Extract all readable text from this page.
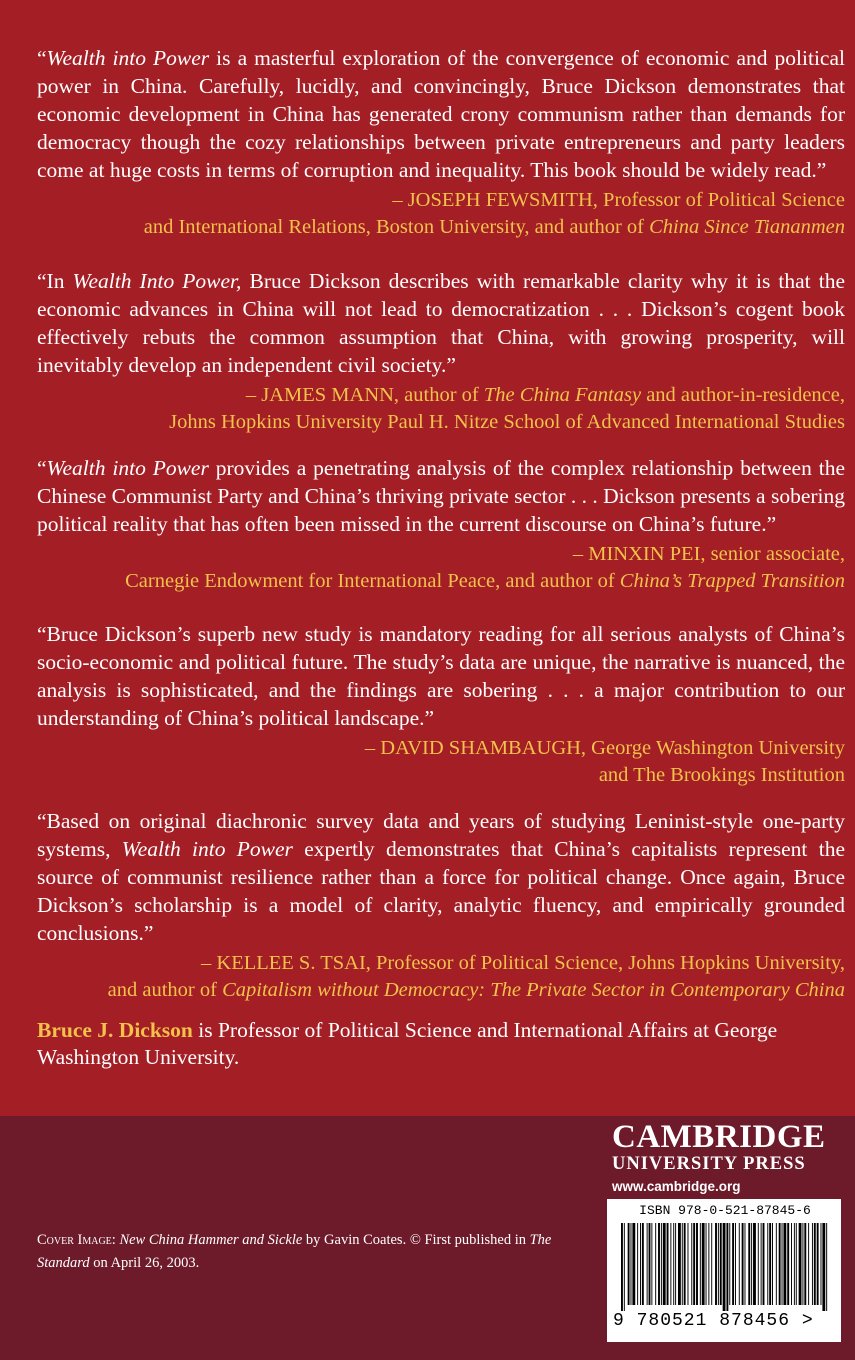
“Wealth into Power is a masterful exploration of the convergence of economic and political power in China. Carefully, lucidly, and convincingly, Bruce Dickson demonstrates that economic development in China has generated crony communism rather than demands for democracy though the cozy relationships between private entrepreneurs and party leaders come at huge costs in terms of corruption and inequality. This book should be widely read.”

– JOSEPH FEWSMITH, Professor of Political Science
and International Relations, Boston University, and author of China Since Tiananmen

“In Wealth Into Power, Bruce Dickson describes with remarkable clarity why it is that the economic advances in China will not lead to democratization . . . Dickson’s cogent book effectively rebuts the common assumption that China, with growing prosperity, will inevitably develop an independent civil society.”

– JAMES MANN, author of The China Fantasy and author-in-residence,
Johns Hopkins University Paul H. Nitze School of Advanced International Studies

“Wealth into Power provides a penetrating analysis of the complex relationship between the Chinese Communist Party and China’s thriving private sector . . . Dickson presents a sobering political reality that has often been missed in the current discourse on China’s future.”

– MINXIN PEI, senior associate,
Carnegie Endowment for International Peace, and author of China’s Trapped Transition

“Bruce Dickson’s superb new study is mandatory reading for all serious analysts of China’s socio-economic and political future. The study’s data are unique, the narrative is nuanced, the analysis is sophisticated, and the findings are sobering . . . a major contribution to our understanding of China’s political landscape.”

– DAVID SHAMBAUGH, George Washington University
and The Brookings Institution

“Based on original diachronic survey data and years of studying Leninist-style one-party systems, Wealth into Power expertly demonstrates that China’s capitalists represent the source of communist resilience rather than a force for political change. Once again, Bruce Dickson’s scholarship is a model of clarity, analytic fluency, and empirically grounded conclusions.”

– KELLEE S. TSAI, Professor of Political Science, Johns Hopkins University,
and author of Capitalism without Democracy: The Private Sector in Contemporary China

Bruce J. Dickson is Professor of Political Science and International Affairs at George Washington University.

CAMBRIDGE
UNIVERSITY PRESS
www.cambridge.org
ISBN 978-0-521-87845-6
9 780521 878456 >

Cover Image: New China Hammer and Sickle by Gavin Coates. © First published in The Standard on April 26, 2003.
